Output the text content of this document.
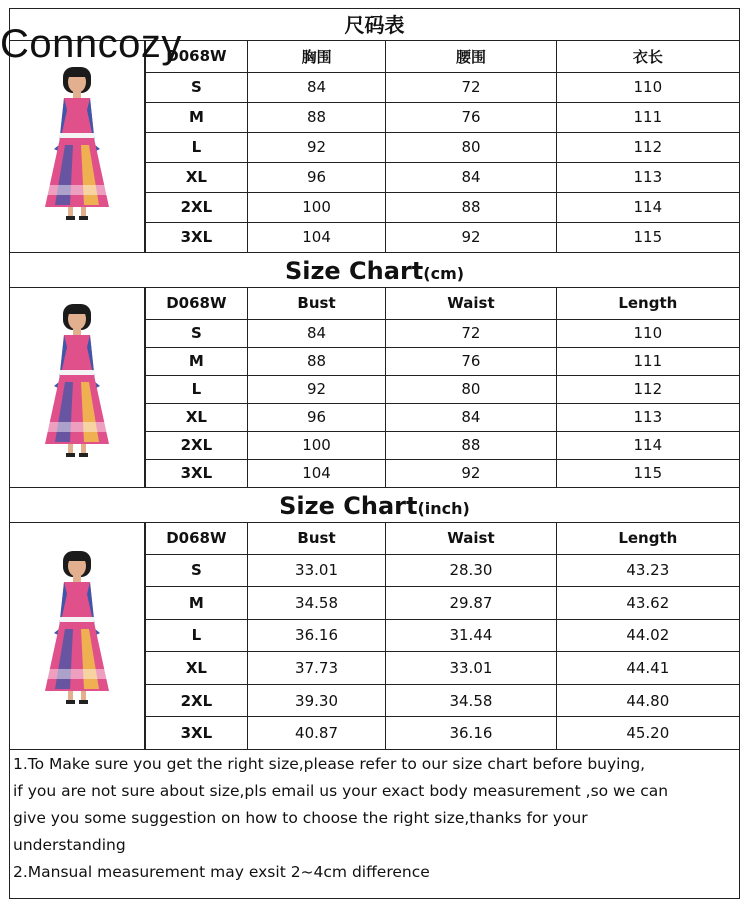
Conncozy	尺码表
D068W	胸围	腰围	衣长
S	84	72	110
M	88	76	111
L	92	80	112
XL	96	84	113
2XL	100	88	114
3XL	104	92	115
Size Chart(cm)
D068W	Bust	Waist	Length
S	84	72	110
M	88	76	111
L	92	80	112
XL	96	84	113
2XL	100	88	114
3XL	104	92	115
Size Chart(inch)
D068W	Bust	Waist	Length
S	33.01	28.30	43.23
M	34.58	29.87	43.62
L	36.16	31.44	44.02
XL	37.73	33.01	44.41
2XL	39.30	34.58	44.80
3XL	40.87	36.16	45.20

1.To Make sure you get the right size,please refer to our size chart before buying,

if you are not sure about size,pls email us your exact body measurement ,so we can

give you some suggestion on how to choose the right size,thanks for your

understanding

2.Mansual measurement may exsit 2~4cm difference
